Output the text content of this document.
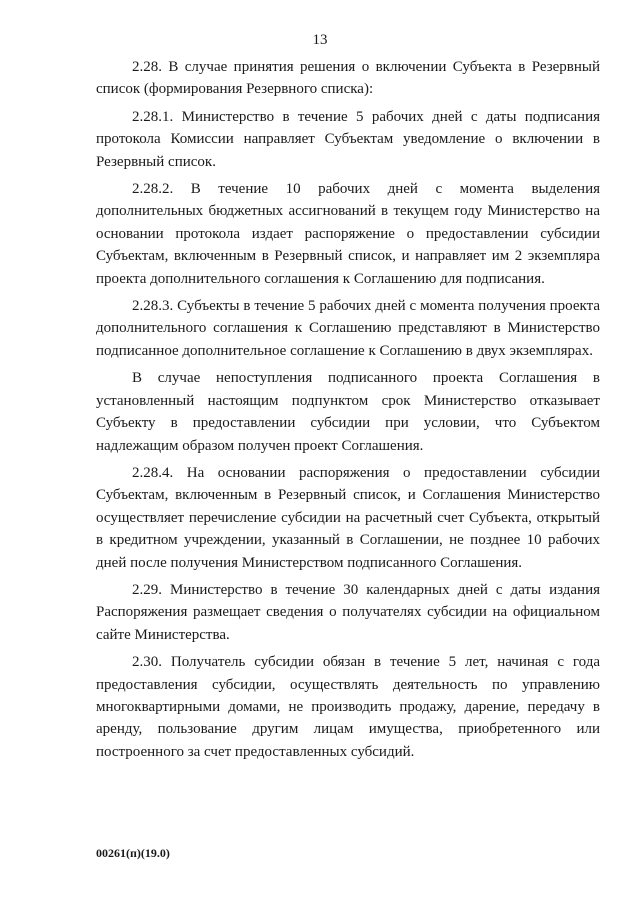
13

2.28. В случае принятия решения о включении Субъекта в Резервный список (формирования Резервного списка):

2.28.1. Министерство в течение 5 рабочих дней с даты подписания протокола Комиссии направляет Субъектам уведомление о включении в Резервный список.

2.28.2. В течение 10 рабочих дней с момента выделения дополнительных бюджетных ассигнований в текущем году Министерство на основании протокола издает распоряжение о предоставлении субсидии Субъектам, включенным в Резервный список, и направляет им 2 экземпляра проекта дополнительного соглашения к Соглашению для подписания.

2.28.3. Субъекты в течение 5 рабочих дней с момента получения проекта дополнительного соглашения к Соглашению представляют в Министерство подписанное дополнительное соглашение к Соглашению в двух экземплярах.

В случае непоступления подписанного проекта Соглашения в установленный настоящим подпунктом срок Министерство отказывает Субъекту в предоставлении субсидии при условии, что Субъектом надлежащим образом получен проект Соглашения.

2.28.4. На основании распоряжения о предоставлении субсидии Субъектам, включенным в Резервный список, и Соглашения Министерство осуществляет перечисление субсидии на расчетный счет Субъекта, открытый в кредитном учреждении, указанный в Соглашении, не позднее 10 рабочих дней после получения Министерством подписанного Соглашения.

2.29. Министерство в течение 30 календарных дней с даты издания Распоряжения размещает сведения о получателях субсидии на официальном сайте Министерства.

2.30. Получатель субсидии обязан в течение 5 лет, начиная с года предоставления субсидии, осуществлять деятельность по управлению многоквартирными домами, не производить продажу, дарение, передачу в аренду, пользование другим лицам имущества, приобретенного или построенного за счет предоставленных субсидий.

00261(п)(19.0)
